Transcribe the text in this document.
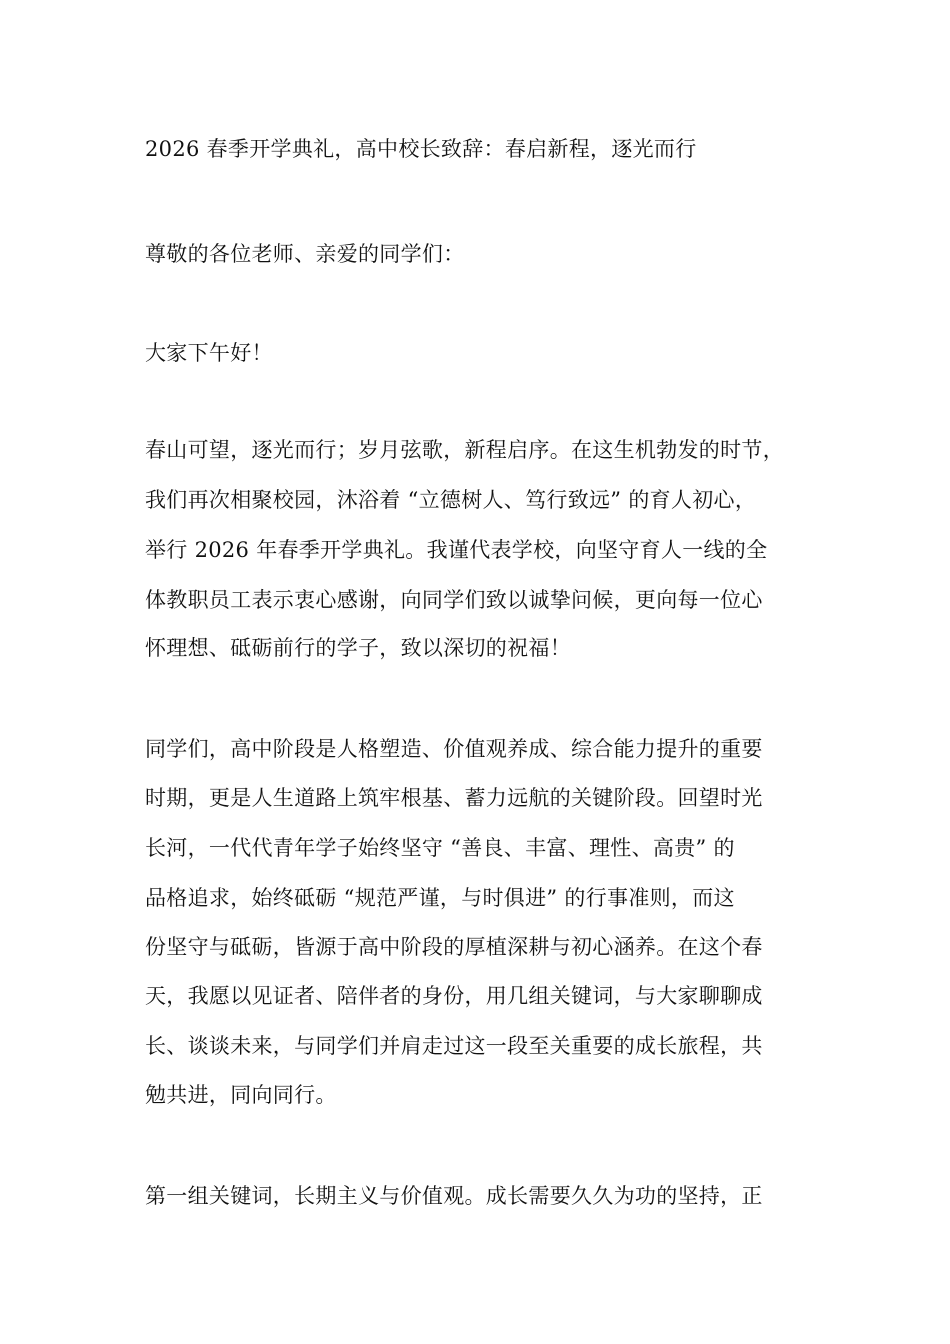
2026 春季开学典礼，高中校长致辞：春启新程，逐光而行
尊敬的各位老师、亲爱的同学们：
大家下午好！
春山可望，逐光而行；岁月弦歌，新程启序。在这生机勃发的时节，
我们再次相聚校园，沐浴着 “立德树人、笃行致远” 的育人初心，
举行 2026 年春季开学典礼。我谨代表学校，向坚守育人一线的全
体教职员工表示衷心感谢，向同学们致以诚挚问候，更向每一位心
怀理想、砥砺前行的学子，致以深切的祝福！
同学们，高中阶段是人格塑造、价值观养成、综合能力提升的重要
时期，更是人生道路上筑牢根基、蓄力远航的关键阶段。回望时光
长河，一代代青年学子始终坚守 “善良、丰富、理性、高贵” 的
品格追求，始终砥砺 “规范严谨，与时俱进” 的行事准则，而这
份坚守与砥砺，皆源于高中阶段的厚植深耕与初心涵养。在这个春
天，我愿以见证者、陪伴者的身份，用几组关键词，与大家聊聊成
长、谈谈未来，与同学们并肩走过这一段至关重要的成长旅程，共
勉共进，同向同行。
第一组关键词，长期主义与价值观。成长需要久久为功的坚持，正
